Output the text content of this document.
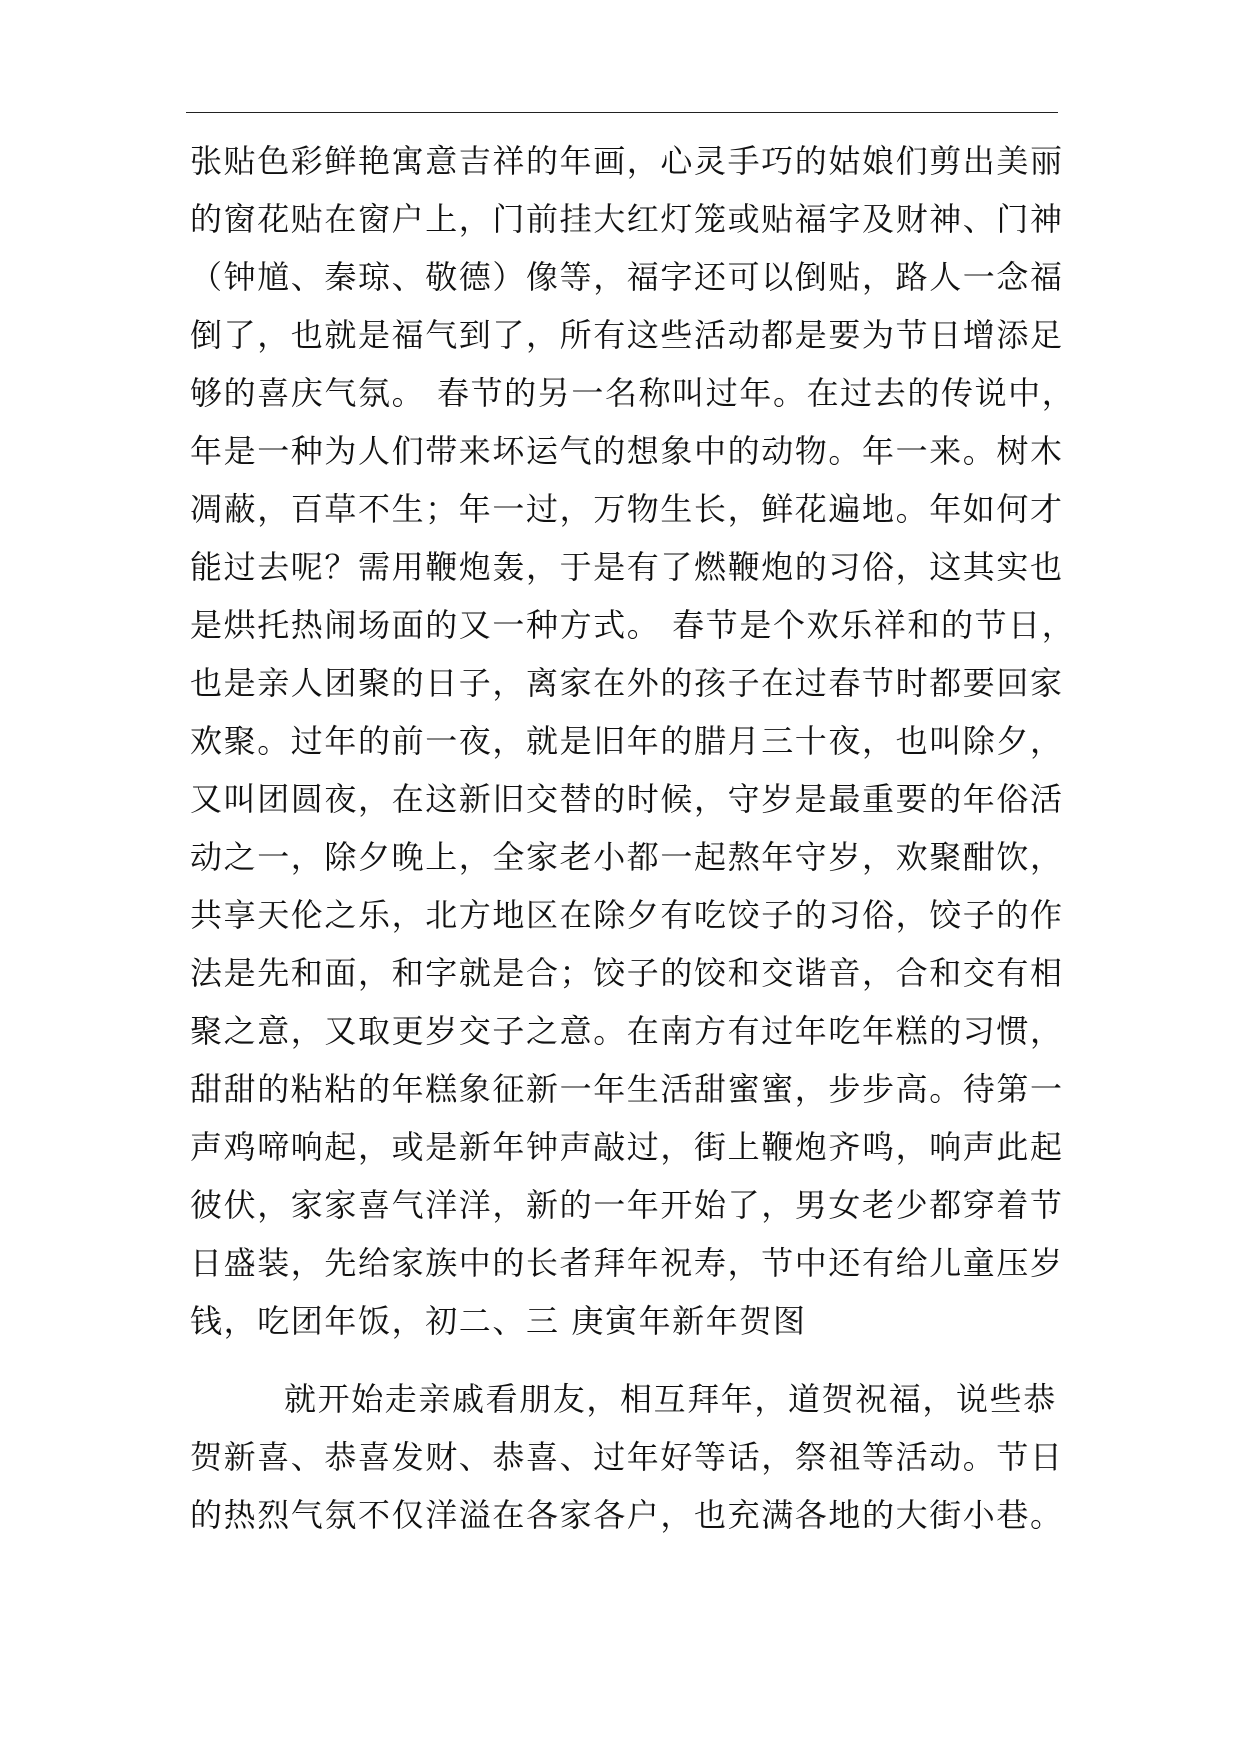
张贴色彩鲜艳寓意吉祥的年画，心灵手巧的姑娘们剪出美丽
的窗花贴在窗户上，门前挂大红灯笼或贴福字及财神、门神
（钟馗、秦琼、敬德）像等，福字还可以倒贴，路人一念福
倒了，也就是福气到了，所有这些活动都是要为节日增添足
够的喜庆气氛。 春节的另一名称叫过年。在过去的传说中，
年是一种为人们带来坏运气的想象中的动物。年一来。树木
凋蔽，百草不生；年一过，万物生长，鲜花遍地。年如何才
能过去呢？需用鞭炮轰，于是有了燃鞭炮的习俗，这其实也
是烘托热闹场面的又一种方式。 春节是个欢乐祥和的节日，
也是亲人团聚的日子，离家在外的孩子在过春节时都要回家
欢聚。过年的前一夜，就是旧年的腊月三十夜，也叫除夕，
又叫团圆夜，在这新旧交替的时候，守岁是最重要的年俗活
动之一，除夕晚上，全家老小都一起熬年守岁，欢聚酣饮，
共享天伦之乐，北方地区在除夕有吃饺子的习俗，饺子的作
法是先和面，和字就是合；饺子的饺和交谐音，合和交有相
聚之意，又取更岁交子之意。在南方有过年吃年糕的习惯，
甜甜的粘粘的年糕象征新一年生活甜蜜蜜，步步高。待第一
声鸡啼响起，或是新年钟声敲过，街上鞭炮齐鸣，响声此起
彼伏，家家喜气洋洋，新的一年开始了，男女老少都穿着节
日盛装，先给家族中的长者拜年祝寿，节中还有给儿童压岁
钱，吃团年饭，初二、三 庚寅年新年贺图
就开始走亲戚看朋友，相互拜年，道贺祝福，说些恭
贺新喜、恭喜发财、恭喜、过年好等话，祭祖等活动。节日
的热烈气氛不仅洋溢在各家各户，也充满各地的大街小巷。
